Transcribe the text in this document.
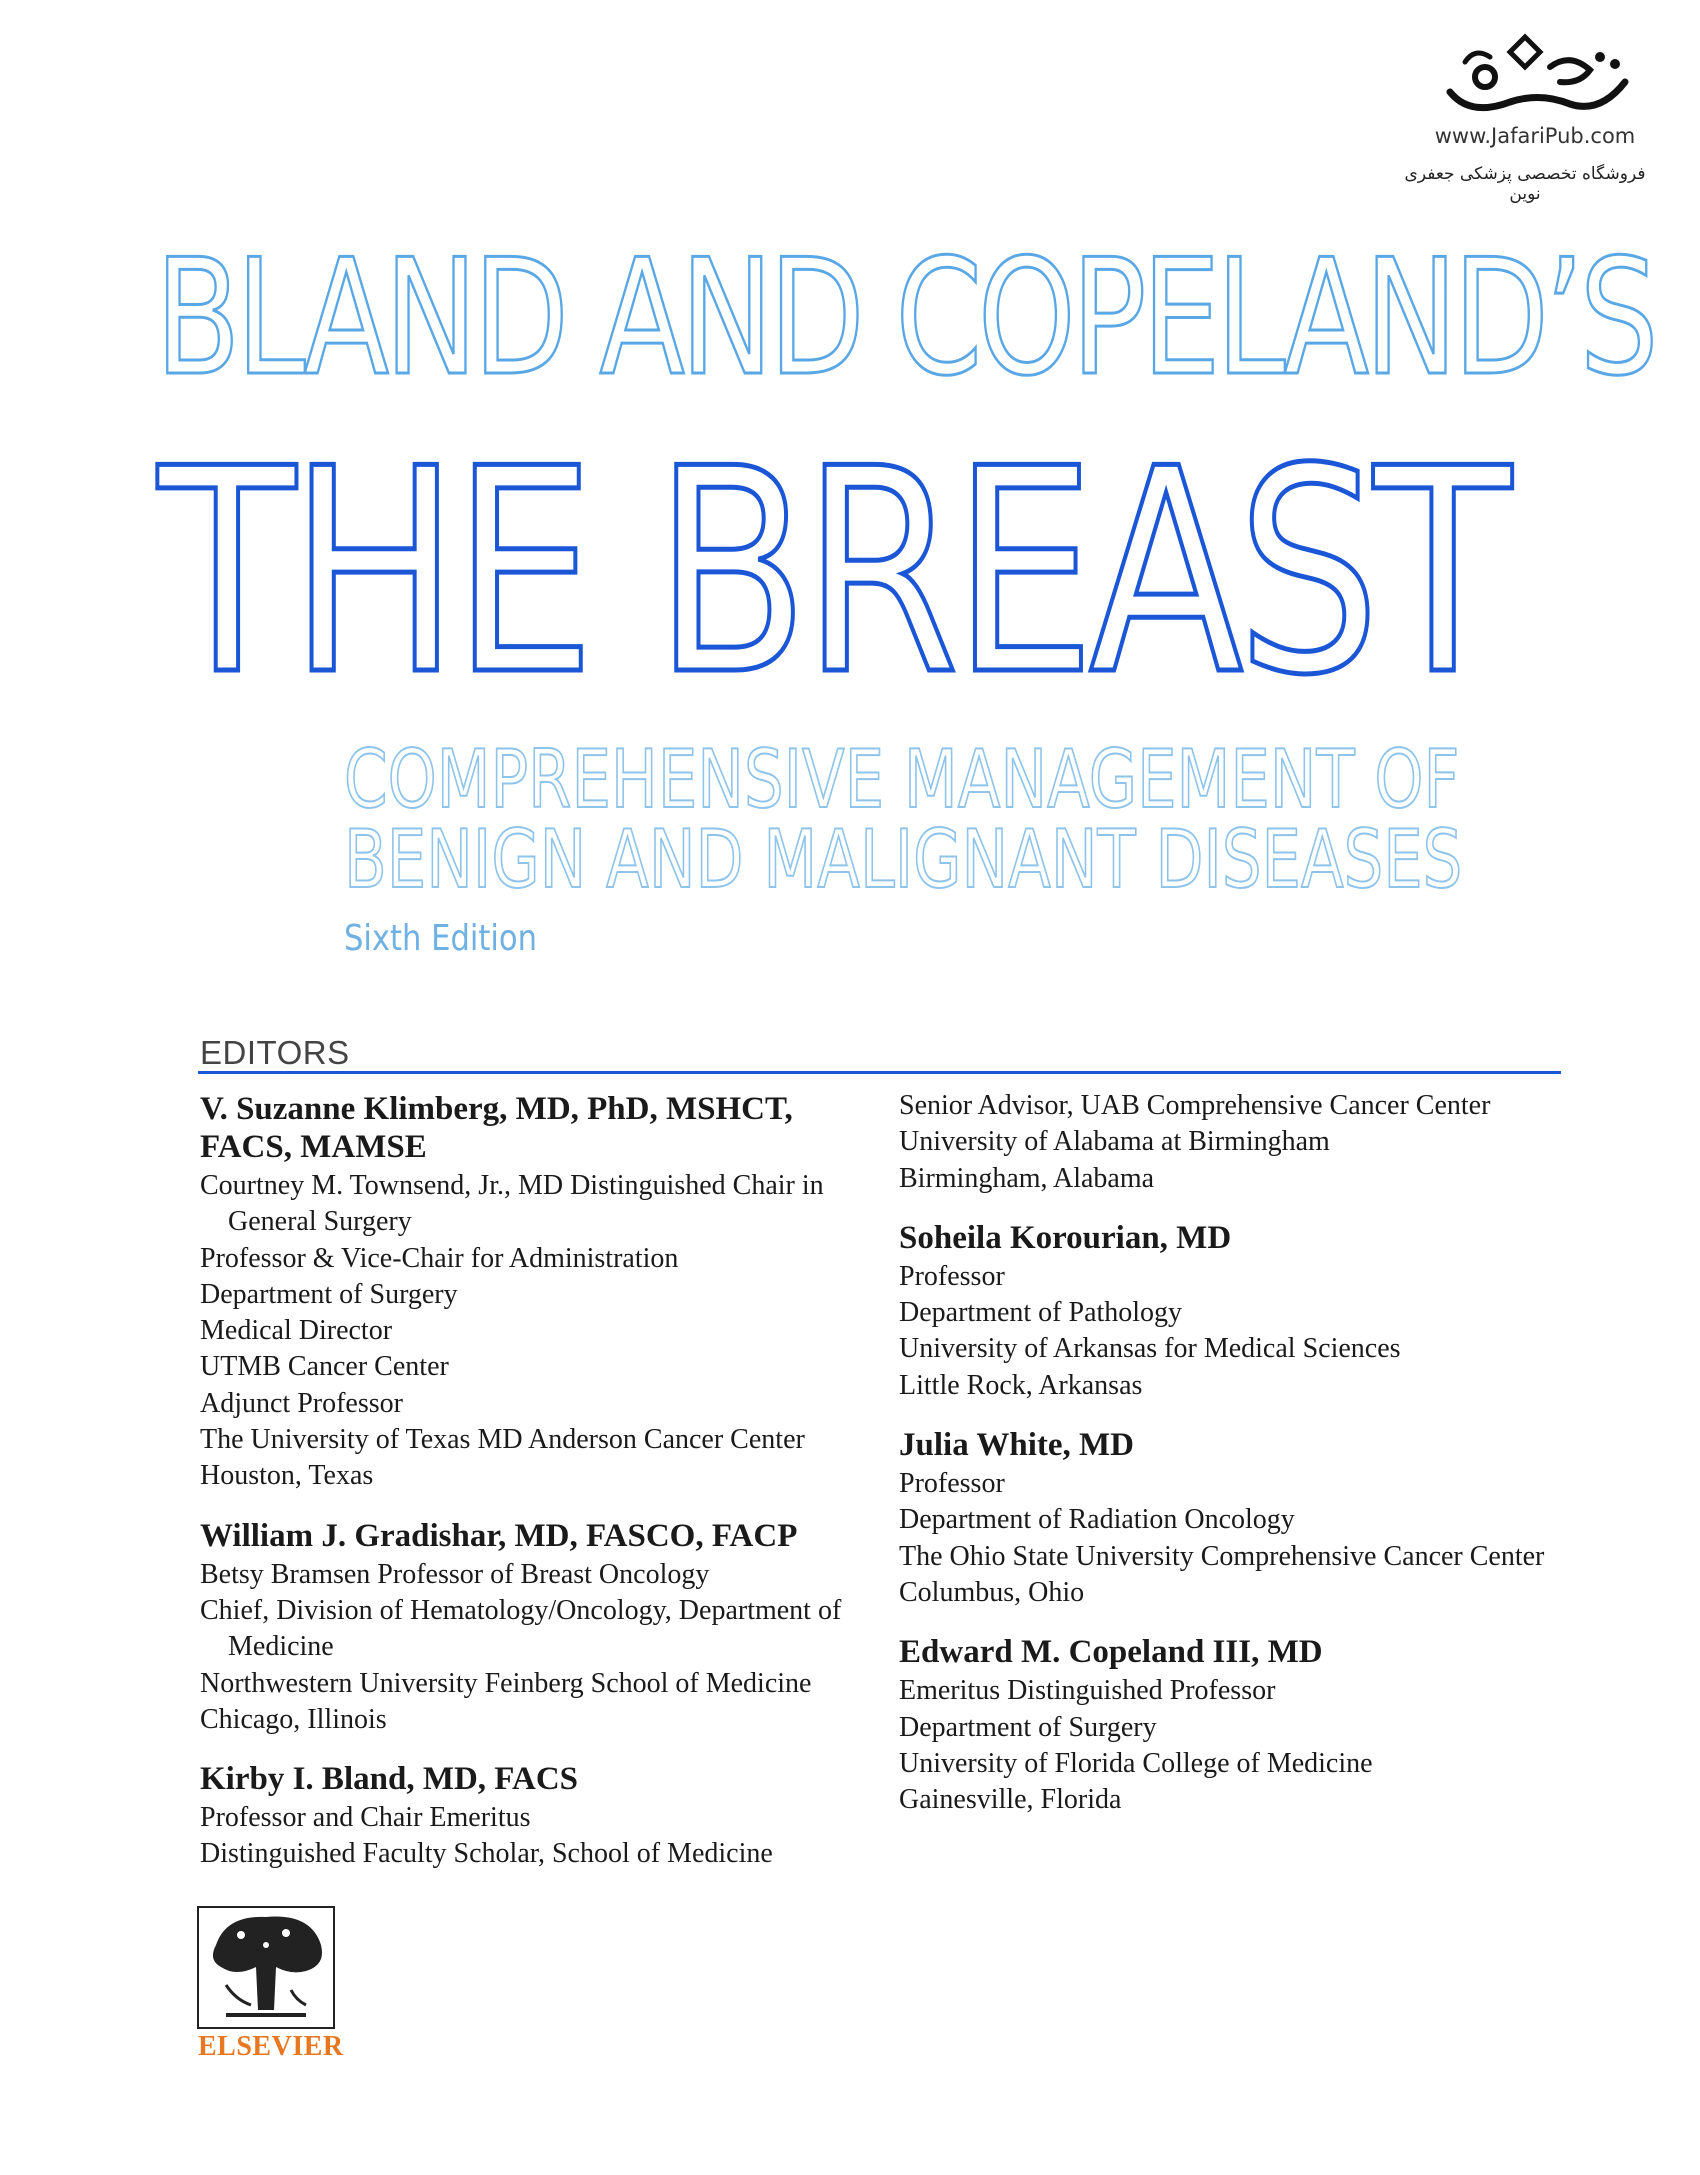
www.JafariPub.com
فروشگاه تخصصی پزشکی جعفری نوین
BLAND AND COPELAND’S
THE BREAST
COMPREHENSIVE MANAGEMENT OF
BENIGN AND MALIGNANT DISEASES
Sixth Edition
EDITORS

V. Suzanne Klimberg, MD, PhD, MSHCT,

FACS, MAMSE

Courtney M. Townsend, Jr., MD Distinguished Chair in General Surgery

Professor & Vice-Chair for Administration

Department of Surgery

Medical Director

UTMB Cancer Center

Adjunct Professor

The University of Texas MD Anderson Cancer Center

Houston, Texas

William J. Gradishar, MD, FASCO, FACP

Betsy Bramsen Professor of Breast Oncology

Chief, Division of Hematology/Oncology, Department of Medicine

Northwestern University Feinberg School of Medicine

Chicago, Illinois

Kirby I. Bland, MD, FACS

Professor and Chair Emeritus

Distinguished Faculty Scholar, School of Medicine

Senior Advisor, UAB Comprehensive Cancer Center

University of Alabama at Birmingham

Birmingham, Alabama

Soheila Korourian, MD

Professor

Department of Pathology

University of Arkansas for Medical Sciences

Little Rock, Arkansas

Julia White, MD

Professor

Department of Radiation Oncology

The Ohio State University Comprehensive Cancer Center

Columbus, Ohio

Edward M. Copeland III, MD

Emeritus Distinguished Professor

Department of Surgery

University of Florida College of Medicine

Gainesville, Florida

ELSEVIER
